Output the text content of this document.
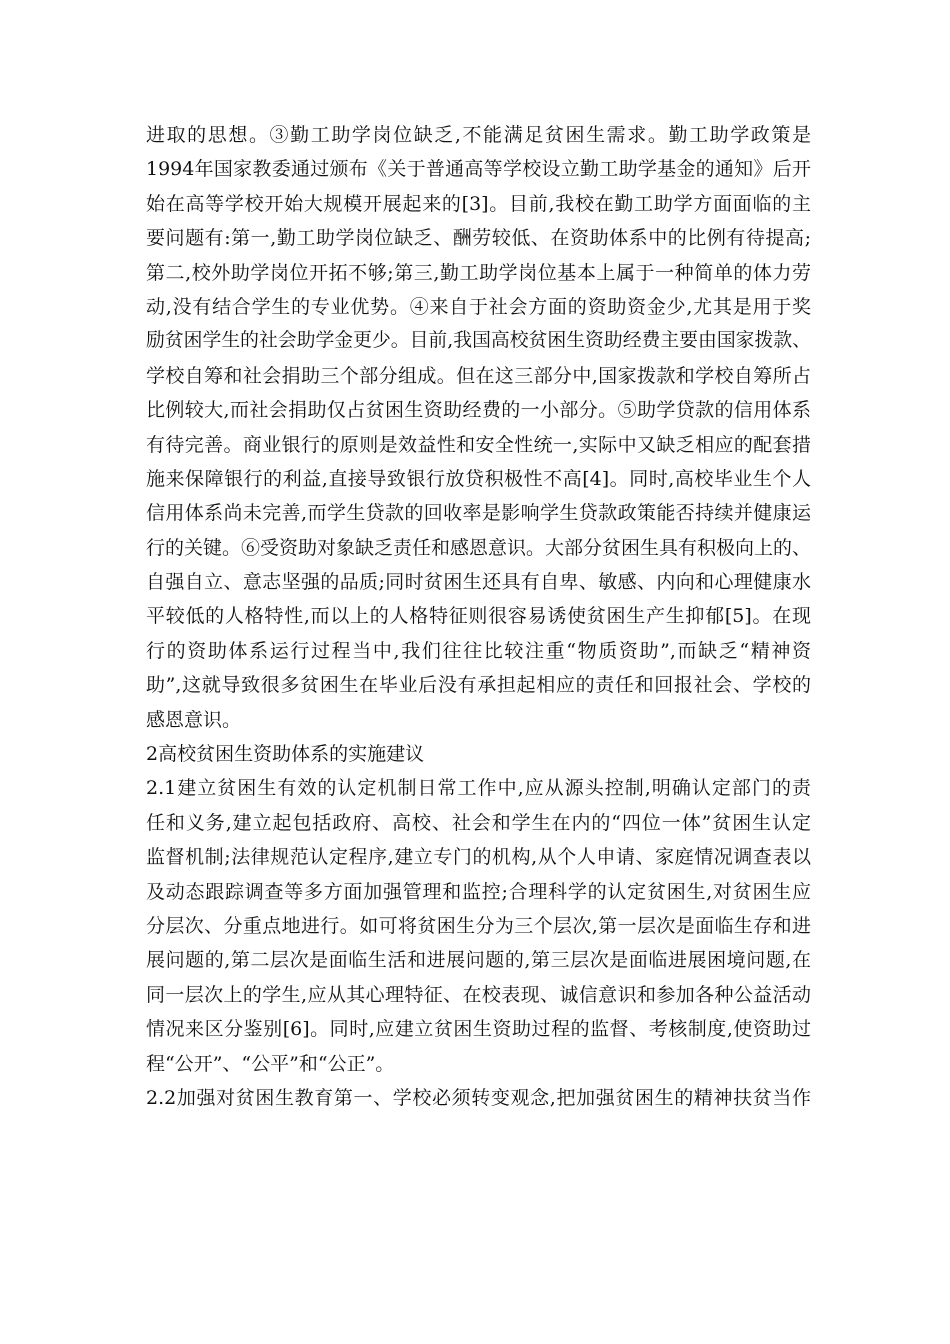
进取的思想。③勤工助学岗位缺乏,不能满足贫困生需求。勤工助学政策是
1994年国家教委通过颁布《关于普通高等学校设立勤工助学基金的通知》后开
始在高等学校开始大规模开展起来的[3]。目前,我校在勤工助学方面面临的主
要问题有:第一,勤工助学岗位缺乏、酬劳较低、在资助体系中的比例有待提高;
第二,校外助学岗位开拓不够;第三,勤工助学岗位基本上属于一种简单的体力劳
动,没有结合学生的专业优势。④来自于社会方面的资助资金少,尤其是用于奖
励贫困学生的社会助学金更少。目前,我国高校贫困生资助经费主要由国家拨款、
学校自筹和社会捐助三个部分组成。但在这三部分中,国家拨款和学校自筹所占
比例较大,而社会捐助仅占贫困生资助经费的一小部分。⑤助学贷款的信用体系
有待完善。商业银行的原则是效益性和安全性统一,实际中又缺乏相应的配套措
施来保障银行的利益,直接导致银行放贷积极性不高[4]。同时,高校毕业生个人
信用体系尚未完善,而学生贷款的回收率是影响学生贷款政策能否持续并健康运
行的关键。⑥受资助对象缺乏责任和感恩意识。大部分贫困生具有积极向上的、
自强自立、意志坚强的品质;同时贫困生还具有自卑、敏感、内向和心理健康水
平较低的人格特性,而以上的人格特征则很容易诱使贫困生产生抑郁[5]。在现
行的资助体系运行过程当中,我们往往比较注重“物质资助”,而缺乏“精神资
助”,这就导致很多贫困生在毕业后没有承担起相应的责任和回报社会、学校的
感恩意识。
2高校贫困生资助体系的实施建议
2.1建立贫困生有效的认定机制日常工作中,应从源头控制,明确认定部门的责
任和义务,建立起包括政府、高校、社会和学生在内的“四位一体”贫困生认定
监督机制;法律规范认定程序,建立专门的机构,从个人申请、家庭情况调查表以
及动态跟踪调查等多方面加强管理和监控;合理科学的认定贫困生,对贫困生应
分层次、分重点地进行。如可将贫困生分为三个层次,第一层次是面临生存和进
展问题的,第二层次是面临生活和进展问题的,第三层次是面临进展困境问题,在
同一层次上的学生,应从其心理特征、在校表现、诚信意识和参加各种公益活动
情况来区分鉴别[6]。同时,应建立贫困生资助过程的监督、考核制度,使资助过
程“公开”、“公平”和“公正”。
2.2加强对贫困生教育第一、学校必须转变观念,把加强贫困生的精神扶贫当作
